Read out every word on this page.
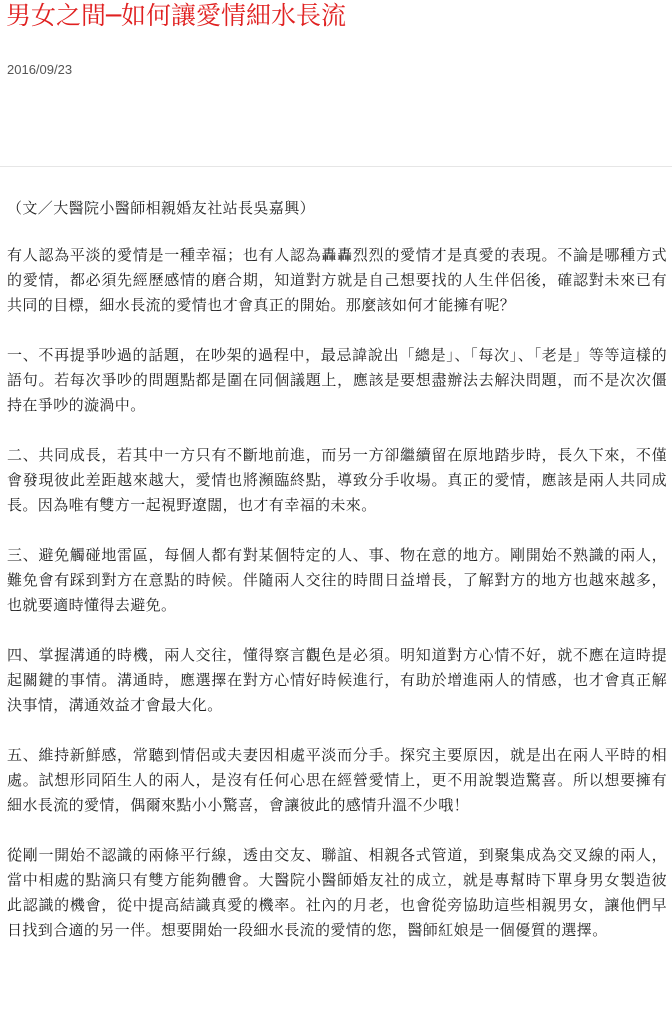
男女之間─如何讓愛情細水長流
2016/09/23

（文／大醫院小醫師相親婚友社站長吳嘉興）

有人認為平淡的愛情是一種幸福；也有人認為轟轟烈烈的愛情才是真愛的表現。不論是哪種方式的愛情，都必須先經歷感情的磨合期，知道對方就是自己想要找的人生伴侶後，確認對未來已有共同的目標，細水長流的愛情也才會真正的開始。那麼該如何才能擁有呢？

一、不再提爭吵過的話題，在吵架的過程中，最忌諱說出「總是」、「每次」、「老是」等等這樣的語句。若每次爭吵的問題點都是圍在同個議題上，應該是要想盡辦法去解決問題，而不是次次僵持在爭吵的漩渦中。

二、共同成長，若其中一方只有不斷地前進，而另一方卻繼續留在原地踏步時，長久下來，不僅會發現彼此差距越來越大，愛情也將瀕臨終點，導致分手收場。真正的愛情，應該是兩人共同成長。因為唯有雙方一起視野遼闊，也才有幸福的未來。

三、避免觸碰地雷區，每個人都有對某個特定的人、事、物在意的地方。剛開始不熟識的兩人，難免會有踩到對方在意點的時候。伴隨兩人交往的時間日益增長，了解對方的地方也越來越多，也就要適時懂得去避免。

四、掌握溝通的時機，兩人交往，懂得察言觀色是必須。明知道對方心情不好，就不應在這時提起關鍵的事情。溝通時，應選擇在對方心情好時候進行，有助於增進兩人的情感，也才會真正解決事情，溝通效益才會最大化。

五、維持新鮮感，常聽到情侶或夫妻因相處平淡而分手。探究主要原因，就是出在兩人平時的相處。試想形同陌生人的兩人，是沒有任何心思在經營愛情上，更不用說製造驚喜。所以想要擁有細水長流的愛情，偶爾來點小小驚喜，會讓彼此的感情升溫不少哦！

從剛一開始不認識的兩條平行線，透由交友、聯誼、相親各式管道，到聚集成為交叉線的兩人，當中相處的點滴只有雙方能夠體會。大醫院小醫師婚友社的成立，就是專幫時下單身男女製造彼此認識的機會，從中提高結識真愛的機率。社內的月老，也會從旁協助這些相親男女，讓他們早日找到合適的另一伴。想要開始一段細水長流的愛情的您，醫師紅娘是一個優質的選擇。
